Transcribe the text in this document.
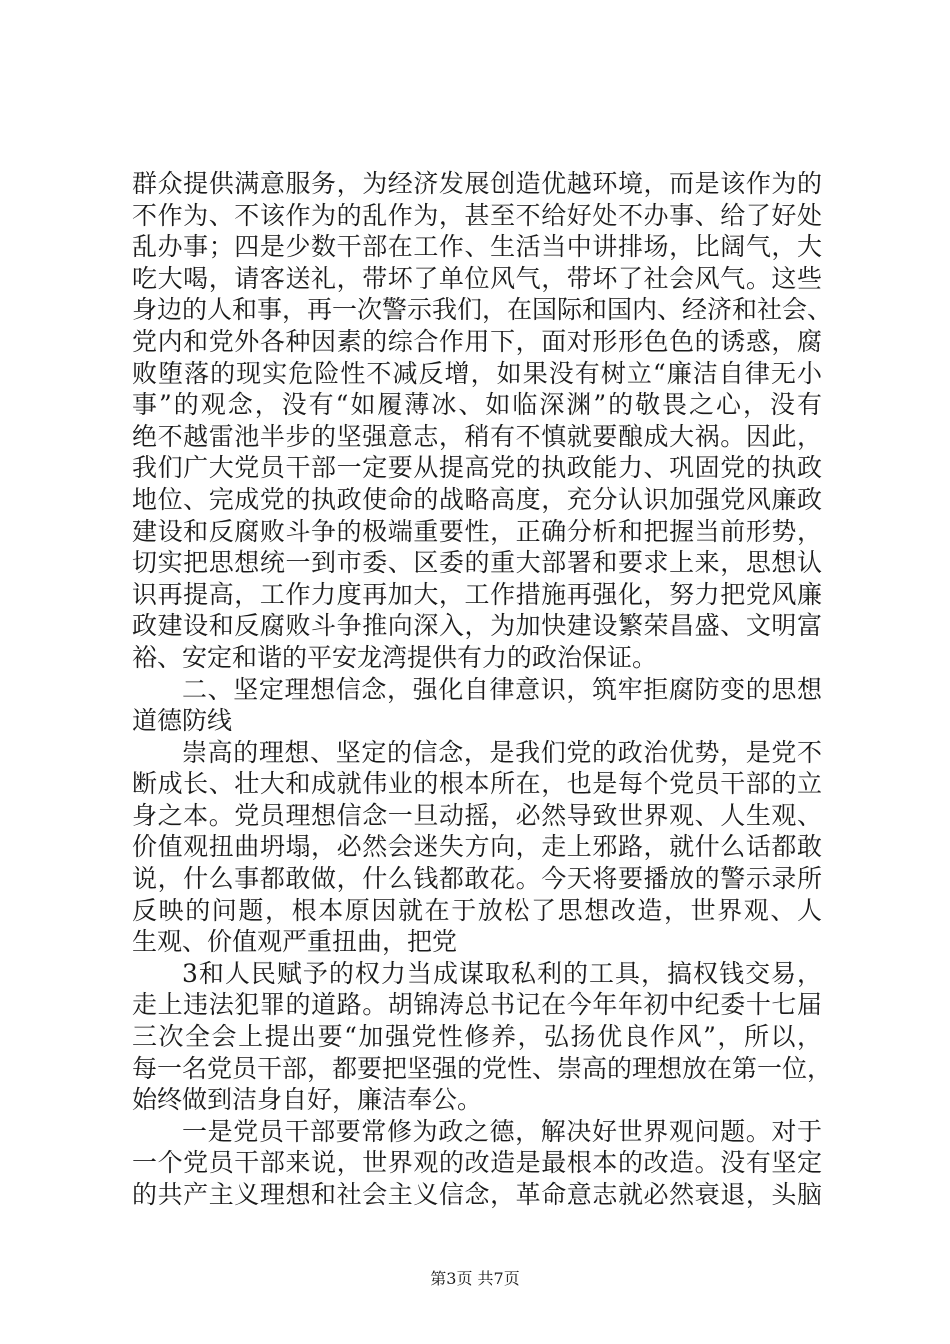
群众提供满意服务，为经济发展创造优越环境，而是该作为的
不作为、不该作为的乱作为，甚至不给好处不办事、给了好处
乱办事；四是少数干部在工作、生活当中讲排场，比阔气，大
吃大喝，请客送礼，带坏了单位风气，带坏了社会风气。这些
身边的人和事，再一次警示我们，在国际和国内、经济和社会、
党内和党外各种因素的综合作用下，面对形形色色的诱惑，腐
败堕落的现实危险性不减反增，如果没有树立“廉洁自律无小
事”的观念，没有“如履薄冰、如临深渊”的敬畏之心，没有
绝不越雷池半步的坚强意志，稍有不慎就要酿成大祸。因此，
我们广大党员干部一定要从提高党的执政能力、巩固党的执政
地位、完成党的执政使命的战略高度，充分认识加强党风廉政
建设和反腐败斗争的极端重要性，正确分析和把握当前形势，
切实把思想统一到市委、区委的重大部署和要求上来，思想认
识再提高，工作力度再加大，工作措施再强化，努力把党风廉
政建设和反腐败斗争推向深入，为加快建设繁荣昌盛、文明富
裕、安定和谐的平安龙湾提供有力的政治保证。
二、坚定理想信念，强化自律意识，筑牢拒腐防变的思想
道德防线
崇高的理想、坚定的信念，是我们党的政治优势，是党不
断成长、壮大和成就伟业的根本所在，也是每个党员干部的立
身之本。党员理想信念一旦动摇，必然导致世界观、人生观、
价值观扭曲坍塌，必然会迷失方向，走上邪路，就什么话都敢
说，什么事都敢做，什么钱都敢花。今天将要播放的警示录所
反映的问题，根本原因就在于放松了思想改造，世界观、人
生观、价值观严重扭曲，把党
3和人民赋予的权力当成谋取私利的工具，搞权钱交易，
走上违法犯罪的道路。胡锦涛总书记在今年年初中纪委十七届
三次全会上提出要“加强党性修养，弘扬优良作风”，所以，
每一名党员干部，都要把坚强的党性、崇高的理想放在第一位，
始终做到洁身自好，廉洁奉公。
一是党员干部要常修为政之德，解决好世界观问题。对于
一个党员干部来说，世界观的改造是最根本的改造。没有坚定
的共产主义理想和社会主义信念，革命意志就必然衰退，头脑
第3页 共7页
